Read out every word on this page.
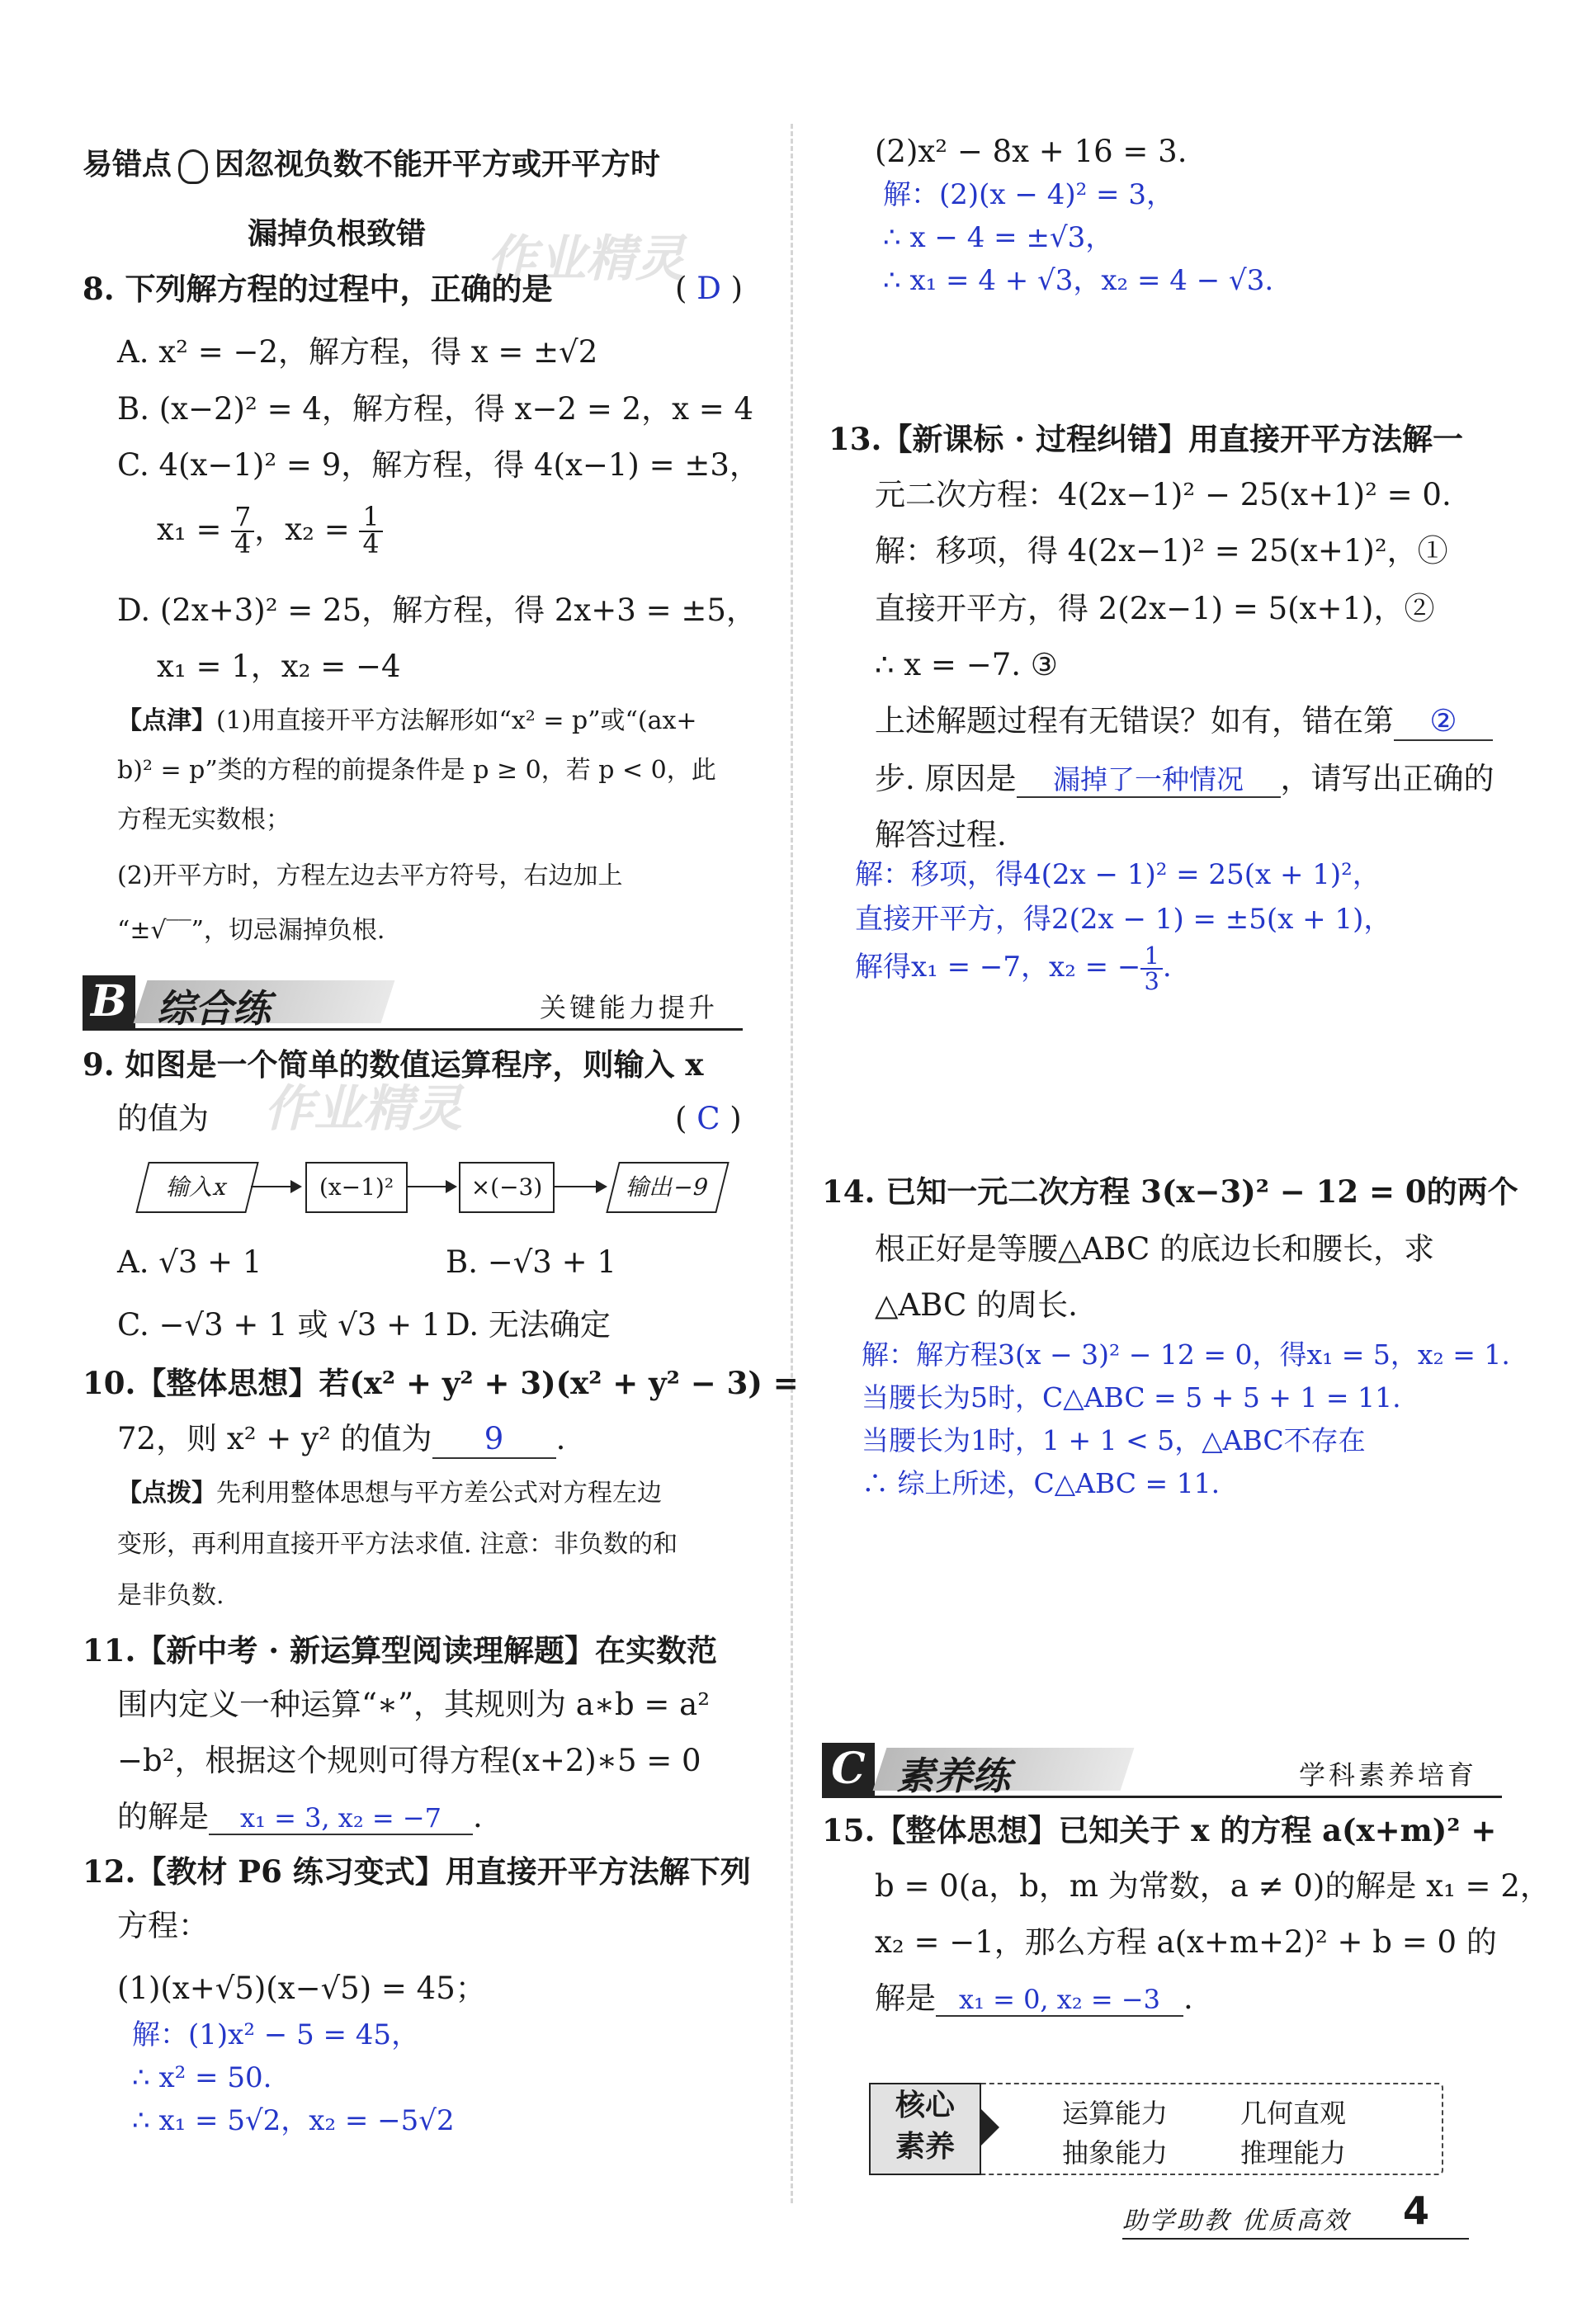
易错点 因忽视负数不能开平方或开平方时
漏掉负根致错 作业精灵
8. 下列解方程的过程中，正确的是	( D )
A. x² = −2，解方程，得 x = ±√2
B. (x−2)² = 4，解方程，得 x−2 = 2，x = 4
C. 4(x−1)² = 9，解方程，得 4(x−1) = ±3，
$x_1 = \frac{7}{4}$ ，$x_2 = \frac{1}{4}$
D. (2x+3)² = 25，解方程，得 2x+3 = ±5，
x₁ = 1，x₂ = −4
【点津】(1)用直接开平方法解形如“x² = p”或“(ax+
b)² = p”类的方程的前提条件是 p ≥ 0，若 p < 0，此
方程无实数根；
(2)开平方时，方程左边去平方符号，右边加上
“±√‾‾”，切忌漏掉负根.
B 综合练	关键能力提升
9. 如图是一个简单的数值运算程序，则输入 x
的值为 作业精灵	( C )
输入x	(x−1)²	×(−3)	输出−9
A. √3 + 1	B. −√3 + 1
C. −√3 + 1 或 √3 + 1 D. 无法确定
10.【整体思想】若(x² + y² + 3)(x² + y² − 3) =
72，则 x² + y² 的值为 9 .
【点拨】先利用整体思想与平方差公式对方程左边
变形，再利用直接开平方法求值. 注意：非负数的和
是非负数.
11.【新中考 · 新运算型阅读理解题】在实数范
围内定义一种运算“∗”，其规则为 a∗b = a²
−b²，根据这个规则可得方程(x+2)∗5 = 0
的解是 x₁ = 3, x₂ = −7 .
12.【教材 P6 练习变式】用直接开平方法解下列
方程：
(1)(x+√5)(x−√5) = 45；
解：(1)x² − 5 = 45，
∴ x² = 50.
∴ x₁ = 5√2，x₂ = −5√2
(2)x² − 8x + 16 = 3.
解：(2)(x − 4)² = 3，
∴ x − 4 = ±√3，
∴ x₁ = 4 + √3，x₂ = 4 − √3.
13.【新课标 · 过程纠错】用直接开平方法解一
元二次方程：4(2x−1)² − 25(x+1)² = 0.
解：移项，得 4(2x−1)² = 25(x+1)²，①
直接开平方，得 2(2x−1) = 5(x+1)，②
∴ x = −7. ③
上述解题过程有无错误？如有，错在第 ②
步. 原因是 漏掉了一种情况 ，请写出正确的
解答过程.
解：移项，得4(2x − 1)² = 25(x + 1)²，
直接开平方，得2(2x − 1) = ±5(x + 1)，
解得x₁ = −7，x₂ = − $\frac{1}{3}$ .
14. 已知一元二次方程 3(x−3)² − 12 = 0的两个
根正好是等腰△ABC 的底边长和腰长，求
△ABC 的周长.
解：解方程3(x − 3)² − 12 = 0，得x₁ = 5，x₂ = 1.
当腰长为5时，C△ABC = 5 + 5 + 1 = 11.
当腰长为1时，1 + 1 < 5，△ABC不存在
∴ 综上所述，C△ABC = 11.
C 素养练	学科素养培育
15.【整体思想】已知关于 x 的方程 a(x+m)² +
b = 0(a，b，m 为常数，a ≠ 0)的解是 x₁ = 2，
x₂ = −1，那么方程 a(x+m+2)² + b = 0 的
解是 x₁ = 0, x₂ = −3 .
助学助教 优质高效 4
核心
素养
运算能力	几何直观
抽象能力	推理能力
